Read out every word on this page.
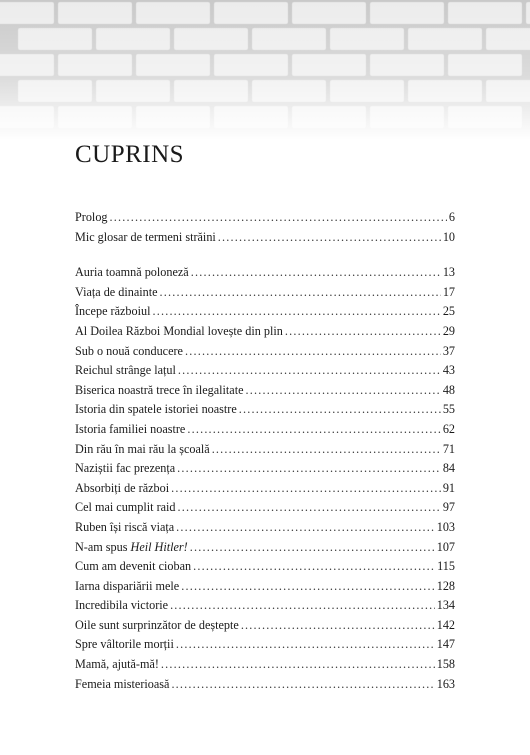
CUPRINS
Prolog .....	6
Mic glosar de termeni străini .....	10
Auria toamnă poloneză .....	13
Viața de dinainte .....	17
Începe războiul .....	25
Al Doilea Război Mondial lovește din plin .....	29
Sub o nouă conducere .....	37
Reichul strânge lațul .....	43
Biserica noastră trece în ilegalitate .....	48
Istoria din spatele istoriei noastre .....	55
Istoria familiei noastre .....	62
Din rău în mai rău la școală .....	71
Naziștii fac prezența .....	84
Absorbiți de război .....	91
Cel mai cumplit raid .....	97
Ruben își riscă viața .....	103
N-am spus Heil Hitler! .....	107
Cum am devenit cioban .....	115
Iarna dispariării mele .....	128
Incredibila victorie .....	134
Oile sunt surprinzător de deștepte .....	142
Spre vâltorile morții .....	147
Mamă, ajută-mă! .....	158
Femeia misterioasă .....	163
